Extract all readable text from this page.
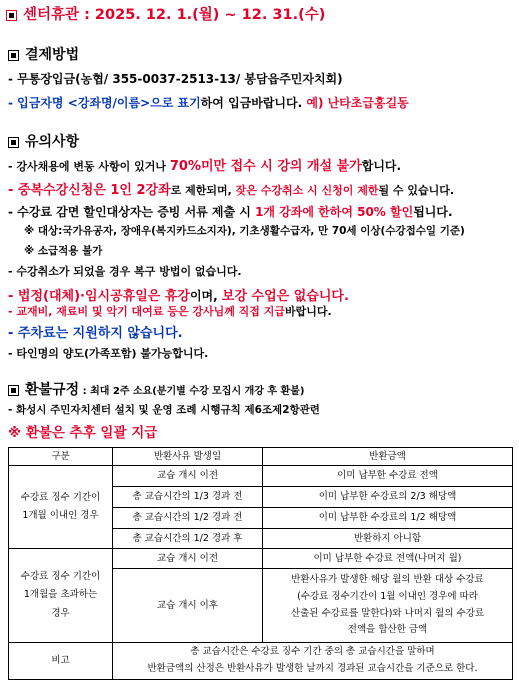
센터휴관 : 2025. 12. 1.(월) ~ 12. 31.(수)
결제방법
- 무통장입금(농협/ 355-0037-2513-13/ 봉담읍주민자치회)
- 입금자명 <강좌명/이름>으로 표기하여 입금바랍니다. 예) 난타초급홍길동
유의사항
- 강사채용에 변동 사항이 있거나 70%미만 접수 시 강의 개설 불가합니다.
- 중복수강신청은 1인 2강좌로 제한되며, 잦은 수강취소 시 신청이 제한될 수 있습니다.
- 수강료 감면 할인대상자는 증빙 서류 제출 시 1개 강좌에 한하여 50% 할인됩니다.
※ 대상:국가유공자, 장애우(복지카드소지자), 기초생활수급자, 만 70세 이상(수강접수일 기준)
※ 소급적용 불가
- 수강취소가 되었을 경우 복구 방법이 없습니다.
- 법정(대체)·임시공휴일은 휴강이며, 보강 수업은 없습니다.
- 교재비, 재료비 및 악기 대여료 등은 강사님께 직접 지급바랍니다.
- 주차료는 지원하지 않습니다.
- 타인명의 양도(가족포함) 불가능합니다.
환불규정 : 최대 2주 소요(분기별 수강 모집시 개강 후 환불)
- 화성시 주민자치센터 설치 및 운영 조례 시행규칙 제6조제2항관련
※ 환불은 추후 일괄 지급
구분	반환사유 발생일	반환금액
수강료 징수 기간이
1개월 이내인 경우	교습 개시 이전	이미 납부한 수강료 전액
	총 교습시간의 1/3 경과 전	이미 납부한 수강료의 2/3 해당액
	총 교습시간의 1/2 경과 전	이미 납부한 수강료의 1/2 해당액
	총 교습시간의 1/2 경과 후	반환하지 아니함
수강료 징수 기간이
1개월을 초과하는
경우	교습 개시 이전	이미 납부한 수강료 전액(나머지 월)
	교습 개시 이후	반환사유가 발생한 해당 월의 반환 대상 수강료
(수강료 징수기간이 1월 이내인 경우에 따라
산출된 수강료를 말한다)와 나머지 월의 수강료
전액을 합산한 금액
비고	총 교습시간은 수강료 징수 기간 중의 총 교습시간을 말하며
반환금액의 산정은 반환사유가 발생한 날까지 경과된 교습시간을 기준으로 한다.	
